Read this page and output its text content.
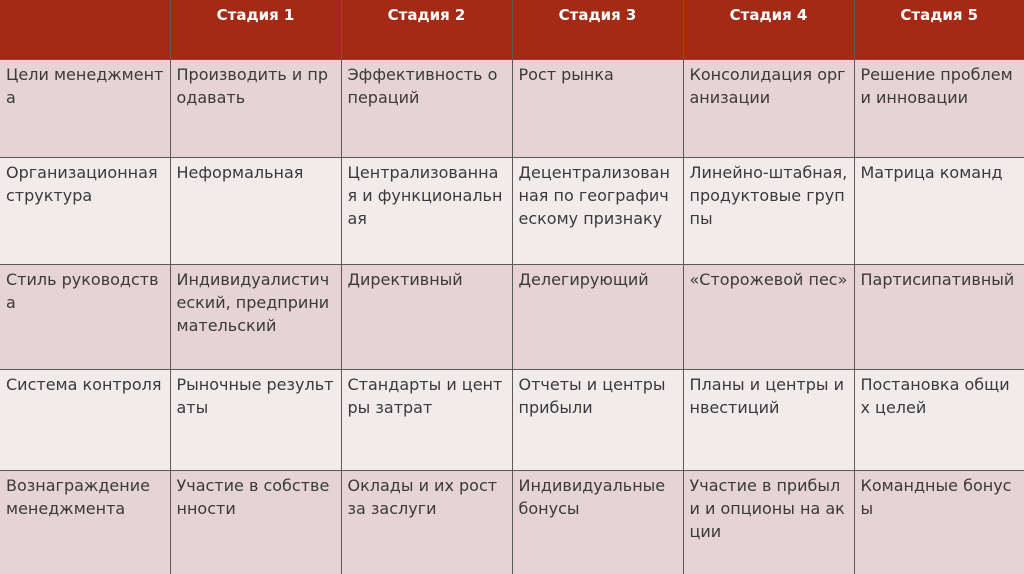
	Стадия 1	Стадия 2	Стадия 3	Стадия 4	Стадия 5
Цели менеджмента	Производить и продавать	Эффективность операций	Рост рынка	Консолидация организации	Решение проблем и инновации
Организационная структура	Неформальная	Централизованная и функциональная	Децентрализованная по географическому признаку	Линейно-штабная, продуктовые группы	Матрица команд
Стиль руководства	Индивидуалистический, предпринимательский	Директивный	Делегирующий	«Сторожевой пес»	Партисипативный
Система контроля	Рыночные результаты	Стандарты и центры затрат	Отчеты и центры прибыли	Планы и центры инвестиций	Постановка общих целей
Вознаграждение менеджмента	Участие в собственности	Оклады и их рост за заслуги	Индивидуальные бонусы	Участие в прибыли и опционы на акции	Командные бонусы
